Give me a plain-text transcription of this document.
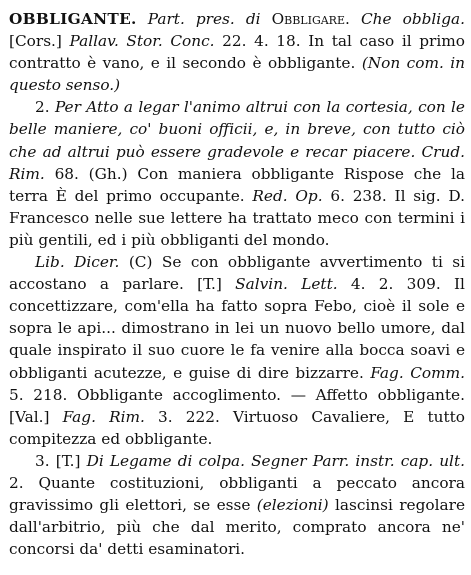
OBBLIGANTE. Part. pres. di Obbligare. Che obbliga. [Cors.] Pallav. Stor. Conc. 22. 4. 18. In tal caso il primo contratto è vano, e il secondo è obbligante. (Non com. in questo senso.)

2. Per Atto a legar l'animo altrui con la cortesia, con le belle maniere, co' buoni officii, e, in breve, con tutto ciò che ad altrui può essere gradevole e recar piacere. Crud. Rim. 68. (Gh.) Con maniera obbligante Rispose che la terra È del primo occupante. Red. Op. 6. 238. Il sig. D. Francesco nelle sue lettere ha trattato meco con termini i più gentili, ed i più obbliganti del mondo.

Lib. Dicer. (C) Se con obbligante avvertimento ti si accostano a parlare. [T.] Salvin. Lett. 4. 2. 309. Il concettizzare, com'ella ha fatto sopra Febo, cioè il sole e sopra le api... dimostrano in lei un nuovo bello umore, dal quale inspirato il suo cuore le fa venire alla bocca soavi e obbliganti acutezze, e guise di dire bizzarre. Fag. Comm. 5. 218. Obbligante accoglimento. — Affetto obbligante. [Val.] Fag. Rim. 3. 222. Virtuoso Cavaliere, E tutto compitezza ed obbligante.

3. [T.] Di Legame di colpa. Segner Parr. instr. cap. ult. 2. Quante costituzioni, obbliganti a peccato ancora gravissimo gli elettori, se esse (elezioni) lascinsi regolare dall'arbitrio, più che dal merito, comprato ancora ne' concorsi da' detti esaminatori.
